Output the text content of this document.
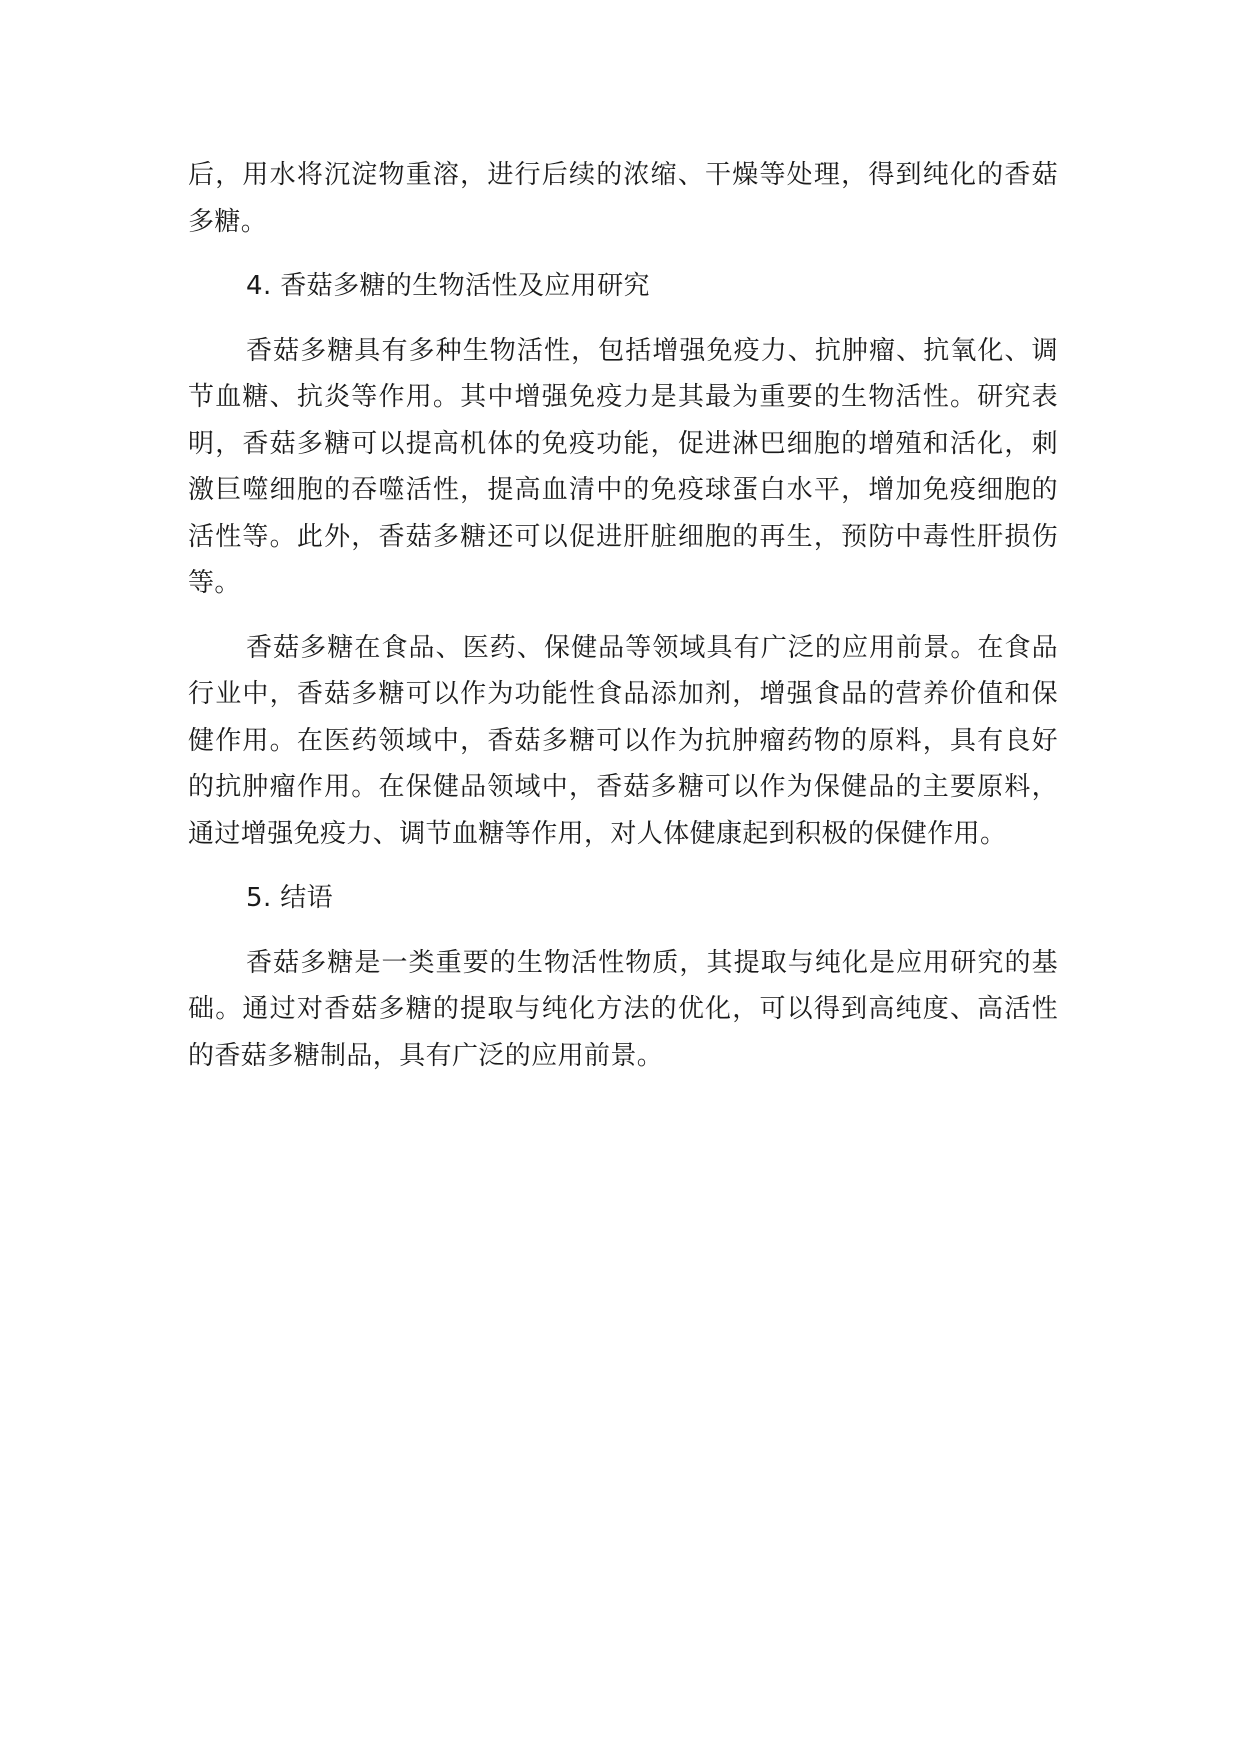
后，用水将沉淀物重溶，进行后续的浓缩、干燥等处理，得到纯化的香菇多糖。

4. 香菇多糖的生物活性及应用研究

香菇多糖具有多种生物活性，包括增强免疫力、抗肿瘤、抗氧化、调节血糖、抗炎等作用。其中增强免疫力是其最为重要的生物活性。研究表明，香菇多糖可以提高机体的免疫功能，促进淋巴细胞的增殖和活化，刺激巨噬细胞的吞噬活性，提高血清中的免疫球蛋白水平，增加免疫细胞的活性等。此外，香菇多糖还可以促进肝脏细胞的再生，预防中毒性肝损伤等。

香菇多糖在食品、医药、保健品等领域具有广泛的应用前景。在食品行业中，香菇多糖可以作为功能性食品添加剂，增强食品的营养价值和保健作用。在医药领域中，香菇多糖可以作为抗肿瘤药物的原料，具有良好的抗肿瘤作用。在保健品领域中，香菇多糖可以作为保健品的主要原料，通过增强免疫力、调节血糖等作用，对人体健康起到积极的保健作用。

5. 结语

香菇多糖是一类重要的生物活性物质，其提取与纯化是应用研究的基础。通过对香菇多糖的提取与纯化方法的优化，可以得到高纯度、高活性的香菇多糖制品，具有广泛的应用前景。
